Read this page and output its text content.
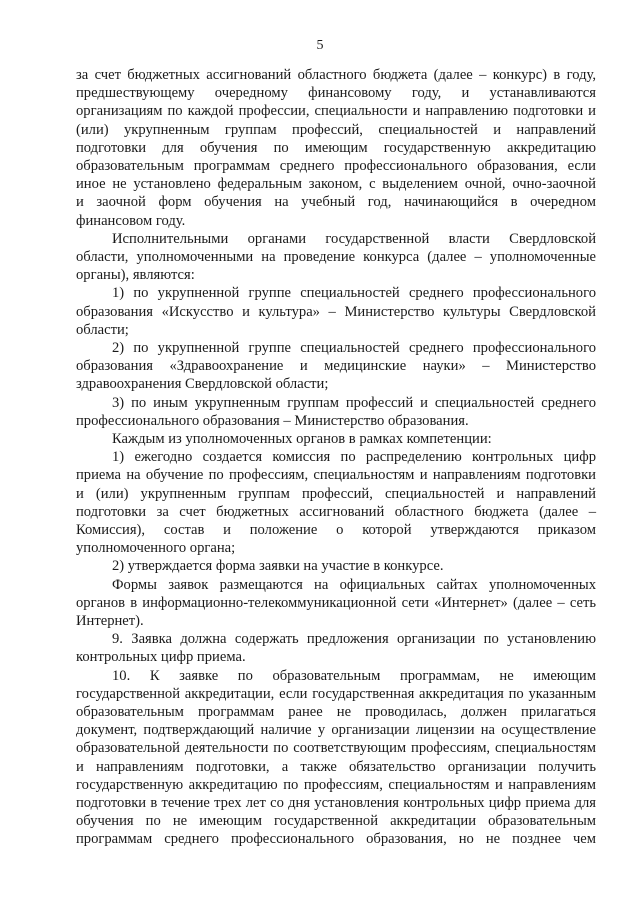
5
за счет бюджетных ассигнований областного бюджета (далее – конкурс) в году,
предшествующему очередному финансовому году, и устанавливаются
организациям по каждой профессии, специальности и направлению подготовки и
(или) укрупненным группам профессий, специальностей и направлений
подготовки для обучения по имеющим государственную аккредитацию
образовательным программам среднего профессионального образования, если
иное не установлено федеральным законом, с выделением очной, очно-заочной
и заочной форм обучения на учебный год, начинающийся в очередном
финансовом году.
Исполнительными органами государственной власти Свердловской
области, уполномоченными на проведение конкурса (далее – уполномоченные
органы), являются:
1) по укрупненной группе специальностей среднего профессионального
образования «Искусство и культура» – Министерство культуры Свердловской
области;
2) по укрупненной группе специальностей среднего профессионального
образования «Здравоохранение и медицинские науки» – Министерство
здравоохранения Свердловской области;
3) по иным укрупненным группам профессий и специальностей среднего
профессионального образования – Министерство образования.
Каждым из уполномоченных органов в рамках компетенции:
1) ежегодно создается комиссия по распределению контрольных цифр
приема на обучение по профессиям, специальностям и направлениям подготовки
и (или) укрупненным группам профессий, специальностей и направлений
подготовки за счет бюджетных ассигнований областного бюджета (далее –
Комиссия), состав и положение о которой утверждаются приказом
уполномоченного органа;
2) утверждается форма заявки на участие в конкурсе.
Формы заявок размещаются на официальных сайтах уполномоченных
органов в информационно-телекоммуникационной сети «Интернет» (далее – сеть
Интернет).
9. Заявка должна содержать предложения организации по установлению
контрольных цифр приема.
10. К заявке по образовательным программам, не имеющим
государственной аккредитации, если государственная аккредитация по указанным
образовательным программам ранее не проводилась, должен прилагаться
документ, подтверждающий наличие у организации лицензии на осуществление
образовательной деятельности по соответствующим профессиям, специальностям
и направлениям подготовки, а также обязательство организации получить
государственную аккредитацию по профессиям, специальностям и направлениям
подготовки в течение трех лет со дня установления контрольных цифр приема для
обучения по не имеющим государственной аккредитации образовательным
программам среднего профессионального образования, но не позднее чем
